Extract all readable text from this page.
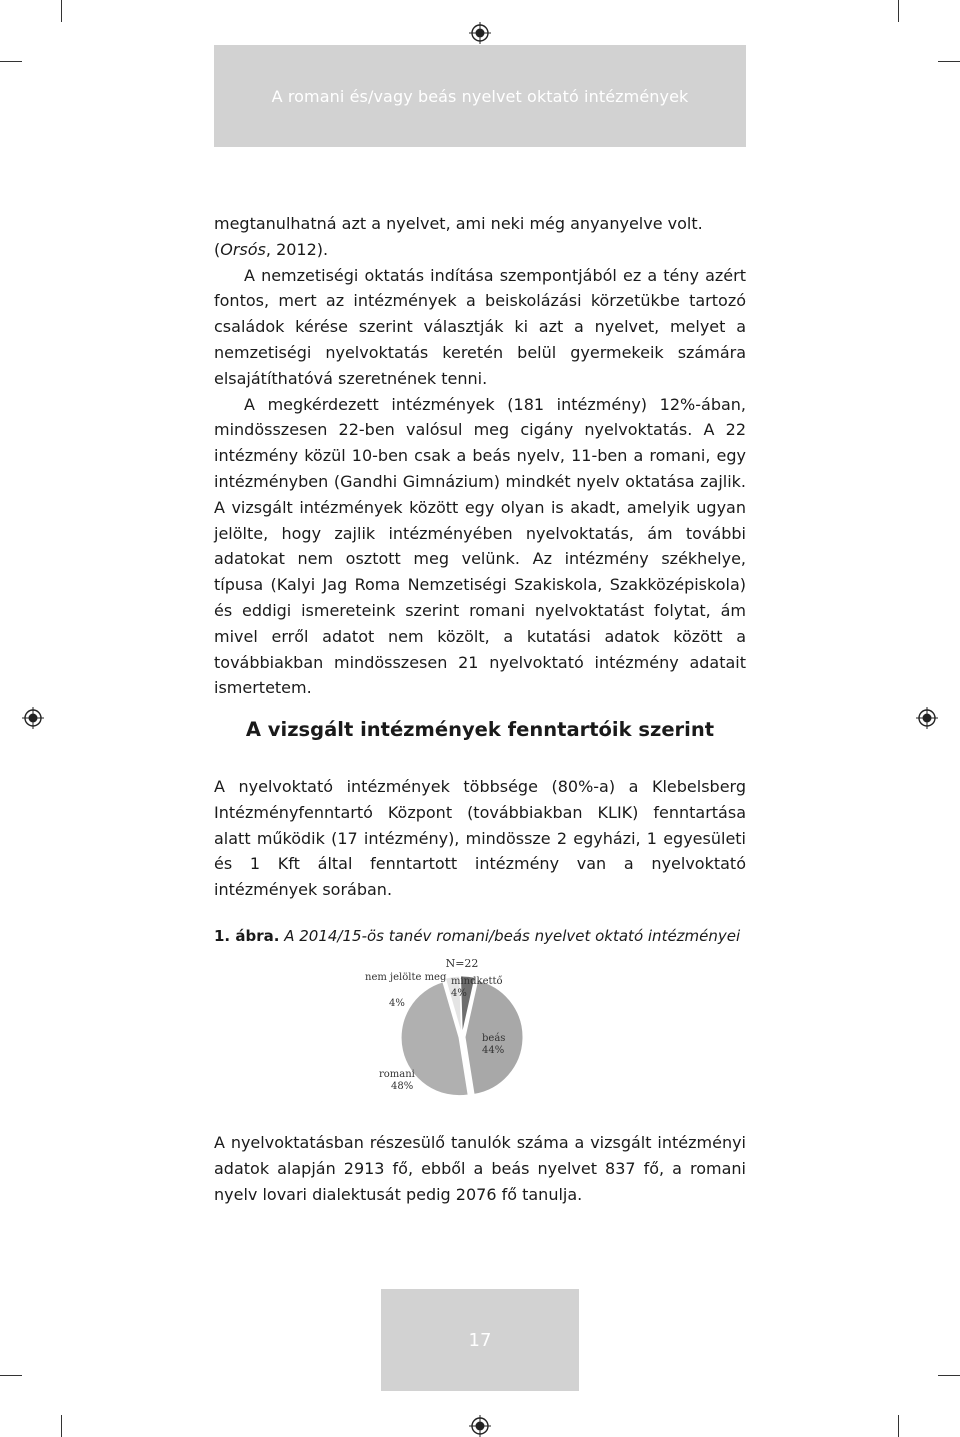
A romani és/vagy beás nyelvet oktató intézmények

megtanulhatná azt a nyelvet, ami neki még anyanyelve volt.

(Orsós, 2012).

A nemzetiségi oktatás indítása szempontjából ez a tény azért fontos, mert az intézmények a beiskolázási körzetükbe tartozó családok kérése szerint választják ki azt a nyelvet, melyet a nemzetiségi nyelvoktatás keretén belül gyermekeik számára elsajátíthatóvá szeretnének tenni.

A megkérdezett intézmények (181 intézmény) 12%-ában, mindösszesen 22-ben valósul meg cigány nyelvoktatás. A 22 intézmény közül 10-ben csak a beás nyelv, 11-ben a romani, egy intézményben (Gandhi Gimnázium) mindkét nyelv oktatása zajlik. A vizsgált intézmények között egy olyan is akadt, amelyik ugyan jelölte, hogy zajlik intézményében nyelvoktatás, ám további adatokat nem osztott meg velünk. Az intézmény székhelye, típusa (Kalyi Jag Roma Nemzetiségi Szakiskola, Szakközépiskola) és eddigi ismereteink szerint romani nyelvoktatást folytat, ám mivel erről adatot nem közölt, a kutatási adatok között a továbbiakban mindösszesen 21 nyelvoktató intézmény adatait ismertetem.

A vizsgált intézmények fenntartóik szerint

A nyelvoktató intézmények többsége (80%-a) a Klebelsberg Intézményfenntartó Központ (továbbiakban KLIK) fenntartása alatt működik (17 intézmény), mindössze 2 egyházi, 1 egyesületi és 1 Kft által fenntartott intézmény van a nyelvoktató intézmények sorában.

1. ábra. A 2014/15-ös tanév romani/beás nyelvet oktató intézményei
N=22
nem jelölte meg
4%
mindkettő
4%
beás
44%
romani
48%

A nyelvoktatásban részesülő tanulók száma a vizsgált intézményi adatok alapján 2913 fő, ebből a beás nyelvet 837 fő, a romani nyelv lovari dialektusát pedig 2076 fő tanulja.

17
